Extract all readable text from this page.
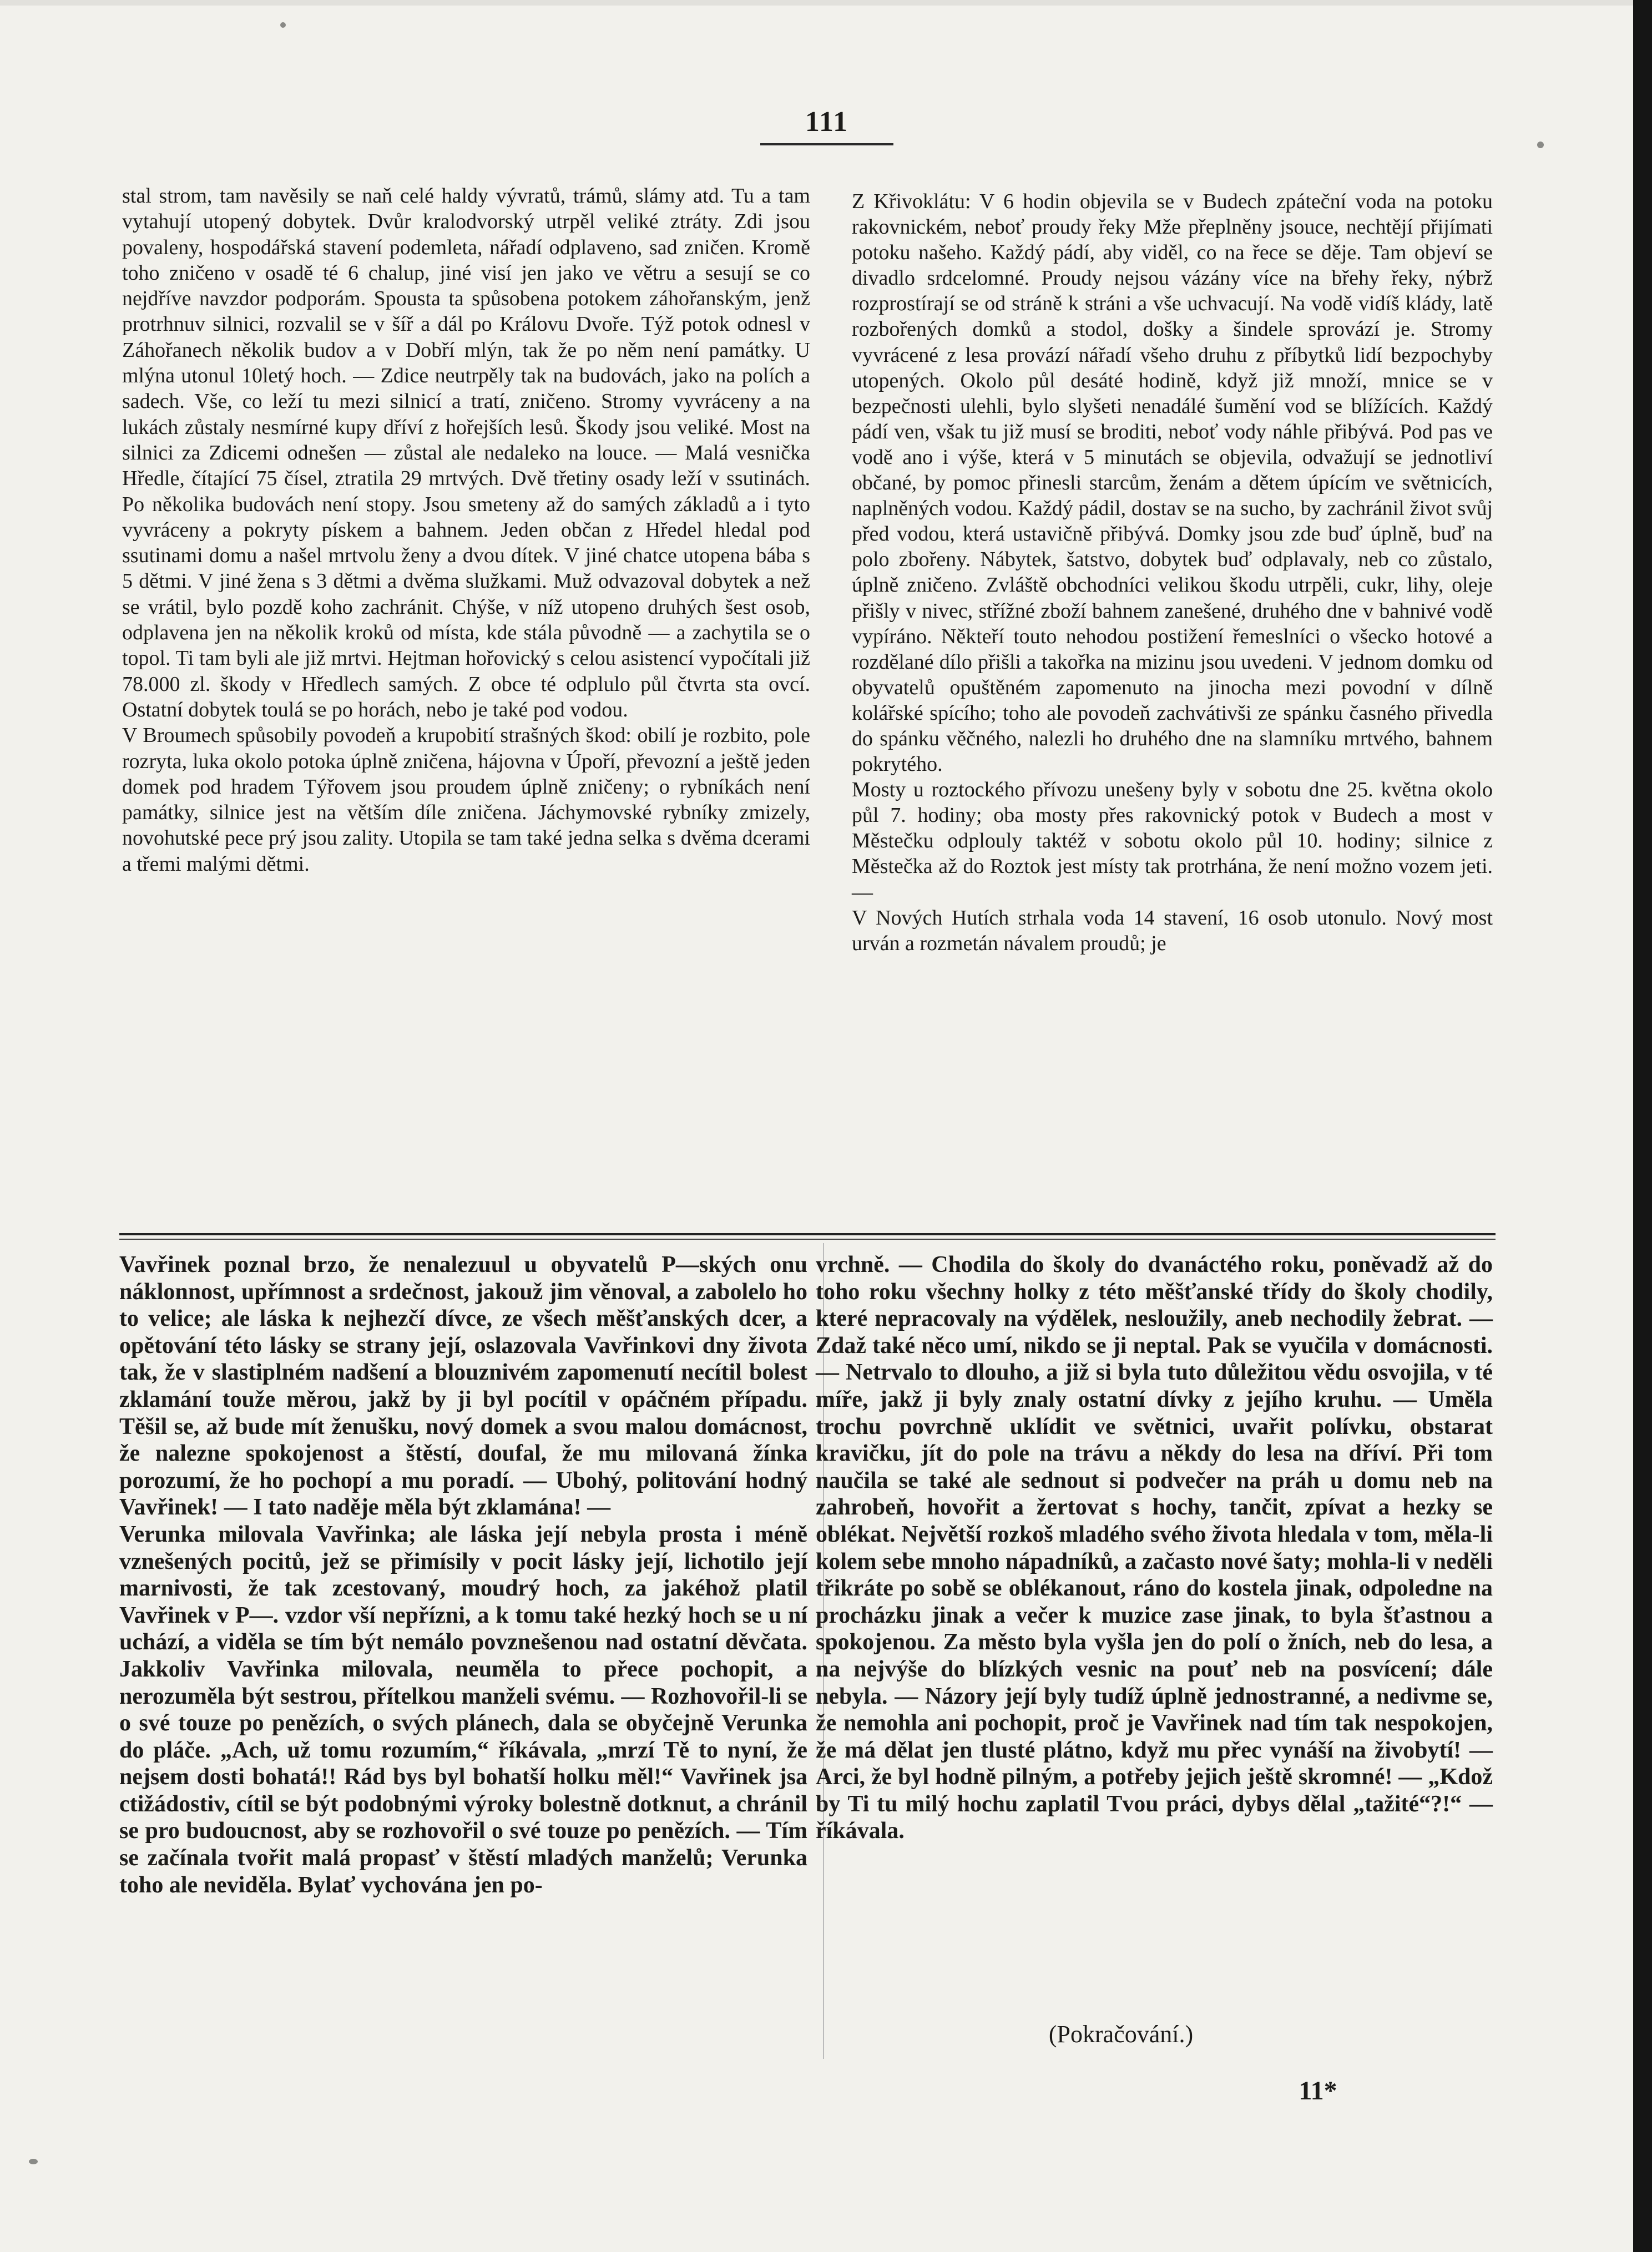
111
stal strom, tam navěsily se naň celé haldy vývratů, trámů, slámy atd. Tu a tam vytahují utopený dobytek. Dvůr kralodvorský utrpěl veliké ztráty. Zdi jsou povaleny, hospodářská stavení podemleta, nářadí odplaveno, sad zničen. Kromě toho zničeno v osadě té 6 chalup, jiné visí jen jako ve větru a sesují se co nejdříve navzdor podporám. Spousta ta spůsobena potokem záhořanským, jenž protrhnuv silnici, rozvalil se v šíř a dál po Královu Dvoře. Týž potok odnesl v Záhořanech několik budov a v Dobří mlýn, tak že po něm není památky. U mlýna utonul 10letý hoch. — Zdice neutrpěly tak na budovách, jako na polích a sadech. Vše, co leží tu mezi silnicí a tratí, zničeno. Stromy vyvráceny a na lukách zůstaly nesmírné kupy dříví z hořejších lesů. Škody jsou veliké. Most na silnici za Zdicemi odnešen — zůstal ale nedaleko na louce. — Malá vesnička Hředle, čítající 75 čísel, ztratila 29 mrtvých. Dvě třetiny osady leží v ssutinách. Po několika budovách není stopy. Jsou smeteny až do samých základů a i tyto vyvráceny a pokryty pískem a bahnem. Jeden občan z Hředel hledal pod ssutinami domu a našel mrtvolu ženy a dvou dítek. V jiné chatce utopena bába s 5 dětmi. V jiné žena s 3 dětmi a dvěma služkami. Muž odvazoval dobytek a než se vrátil, bylo pozdě koho zachránit. Chýše, v níž utopeno druhých šest osob, odplavena jen na několik kroků od místa, kde stála původně — a zachytila se o topol. Ti tam byli ale již mrtvi. Hejtman hořovický s celou asistencí vypočítali již 78.000 zl. škody v Hředlech samých. Z obce té odplulo půl čtvrta sta ovcí. Ostatní dobytek toulá se po horách, nebo je také pod vodou.
V Broumech spůsobily povodeň a krupobití strašných škod: obilí je rozbito, pole rozryta, luka okolo potoka úplně zničena, hájovna v Úpoří, převozní a ještě jeden domek pod hradem Týřovem jsou proudem úplně zničeny; o rybníkách není památky, silnice jest na větším díle zničena. Jáchymovské rybníky zmizely, novohutské pece prý jsou zality. Utopila se tam také jedna selka s dvěma dcerami a třemi malými dětmi.
Z Křivoklátu: V 6 hodin objevila se v Budech zpáteční voda na potoku rakovnickém, neboť proudy řeky Mže přeplněny jsouce, nechtějí přijímati potoku našeho. Každý pádí, aby viděl, co na řece se děje. Tam objeví se divadlo srdcelomné. Proudy nejsou vázány více na břehy řeky, nýbrž rozprostírají se od stráně k stráni a vše uchvacují. Na vodě vidíš klády, latě rozbořených domků a stodol, došky a šindele sprovází je. Stromy vyvrácené z lesa provází nářadí všeho druhu z příbytků lidí bezpochyby utopených. Okolo půl desáté hodině, když již množí, mnice se v bezpečnosti ulehli, bylo slyšeti nenadálé šumění vod se blížících. Každý pádí ven, však tu již musí se broditi, neboť vody náhle přibývá. Pod pas ve vodě ano i výše, která v 5 minutách se objevila, odvažují se jednotliví občané, by pomoc přinesli starcům, ženám a dětem úpícím ve světnicích, naplněných vodou. Každý pádil, dostav se na sucho, by zachránil život svůj před vodou, která ustavičně přibývá. Domky jsou zde buď úplně, buď na polo zbořeny. Nábytek, šatstvo, dobytek buď odplavaly, neb co zůstalo, úplně zničeno. Zvláště obchodníci velikou škodu utrpěli, cukr, lihy, oleje přišly v nivec, střížné zboží bahnem zanešené, druhého dne v bahnivé vodě vypíráno. Někteří touto nehodou postižení řemeslníci o všecko hotové a rozdělané dílo přišli a takořka na mizinu jsou uvedeni. V jednom domku od obyvatelů opuštěném zapomenuto na jinocha mezi povodní v dílně kolářské spícího; toho ale povodeň zachvátivši ze spánku časného přivedla do spánku věčného, nalezli ho druhého dne na slamníku mrtvého, bahnem pokrytého.
Mosty u roztockého přívozu unešeny byly v sobotu dne 25. května okolo půl 7. hodiny; oba mosty přes rakovnický potok v Budech a most v Městečku odplouly taktéž v sobotu okolo půl 10. hodiny; silnice z Městečka až do Roztok jest místy tak protrhána, že není možno vozem jeti. —
V Nových Hutích strhala voda 14 stavení, 16 osob utonulo. Nový most urván a rozmetán návalem proudů; je
Vavřinek poznal brzo, že nenalezuul u obyvatelů P—ských onu náklonnost, upřímnost a srdečnost, jakouž jim věnoval, a zabolelo ho to velice; ale láska k nejhezčí dívce, ze všech měšťanských dcer, a opětování této lásky se strany její, oslazovala Vavřinkovi dny života tak, že v slastiplném nadšení a blouznivém zapomenutí necítil bolest zklamání touže měrou, jakž by ji byl pocítil v opáčném případu. Těšil se, až bude mít ženušku, nový domek a svou malou domácnost, že nalezne spokojenost a štěstí, doufal, že mu milovaná žínka porozumí, že ho pochopí a mu poradí. — Ubohý, politování hodný Vavřinek! — I tato naděje měla být zklamána! —
Verunka milovala Vavřinka; ale láska její nebyla prosta i méně vznešených pocitů, jež se přimísily v pocit lásky její, lichotilo její marnivosti, že tak zcestovaný, moudrý hoch, za jakéhož platil Vavřinek v P—. vzdor vší nepřízni, a k tomu také hezký hoch se u ní uchází, a viděla se tím být nemálo povznešenou nad ostatní děvčata. Jakkoliv Vavřinka milovala, neuměla to přece pochopit, a nerozuměla být sestrou, přítelkou manželi svému. — Rozhovořil-li se o své touze po penězích, o svých plánech, dala se obyčejně Verunka do pláče. „Ach, už tomu rozumím,“ říkávala, „mrzí Tě to nyní, že nejsem dosti bohatá!! Rád bys byl bohatší holku měl!“ Vavřinek jsa ctižádostiv, cítil se být podobnými výroky bolestně dotknut, a chránil se pro budoucnost, aby se rozhovořil o své touze po penězích. — Tím se začínala tvořit malá propasť v štěstí mladých manželů; Verunka toho ale neviděla. Bylať vychována jen po-
vrchně. — Chodila do školy do dvanáctého roku, poněvadž až do toho roku všechny holky z této měšťanské třídy do školy chodily, které nepracovaly na výdělek, nesloužily, aneb nechodily žebrat. — Zdaž také něco umí, nikdo se ji neptal. Pak se vyučila v domácnosti. — Netrvalo to dlouho, a již si byla tuto důležitou vědu osvojila, v té míře, jakž ji byly znaly ostatní dívky z jejího kruhu. — Uměla trochu povrchně uklídit ve světnici, uvařit polívku, obstarat kravičku, jít do pole na trávu a někdy do lesa na dříví. Při tom naučila se také ale sednout si podvečer na práh u domu neb na zahrobeň, hovořit a žertovat s hochy, tančit, zpívat a hezky se oblékat. Největší rozkoš mladého svého života hledala v tom, měla-li kolem sebe mnoho nápadníků, a začasto nové šaty; mohla-li v neděli třikráte po sobě se oblékanout, ráno do kostela jinak, odpoledne na procházku jinak a večer k muzice zase jinak, to byla šťastnou a spokojenou. Za město byla vyšla jen do polí o žních, neb do lesa, a na nejvýše do blízkých vesnic na pouť neb na posvícení; dále nebyla. — Názory její byly tudíž úplně jednostranné, a nedivme se, že nemohla ani pochopit, proč je Vavřinek nad tím tak nespokojen, že má dělat jen tlusté plátno, když mu přec vynáší na živobytí! — Arci, že byl hodně pilným, a potřeby jejich ještě skromné! — „Kdož by Ti tu milý hochu zaplatil Tvou práci, dybys dělal „tažité“?!“ — říkávala.
(Pokračování.)
11*
